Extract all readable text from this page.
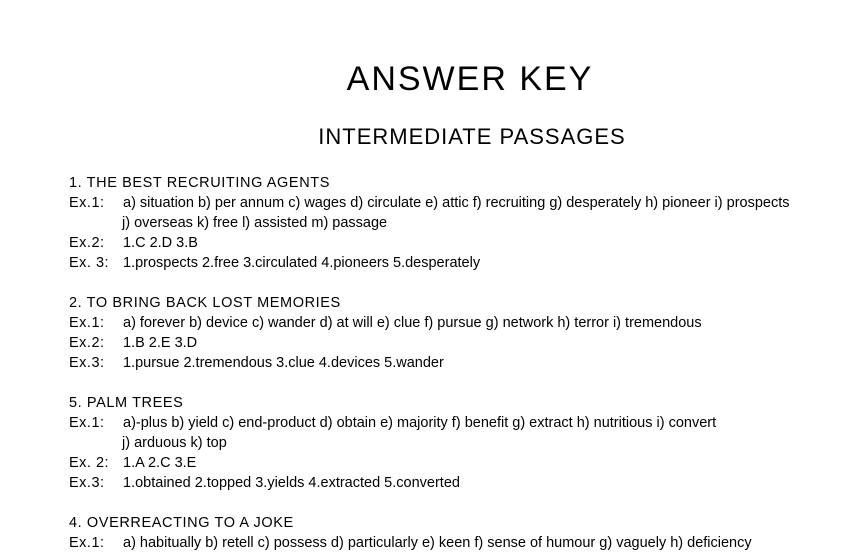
ANSWER KEY
INTERMEDIATE PASSAGES
1. THE BEST RECRUITING AGENTS
Ex.1: a) situation b) per annum c) wages d) circulate e) attic f) recruiting g) desperately h) pioneer i) prospects
j) overseas k) free l) assisted m) passage
Ex.2: 1.C 2.D 3.B
Ex. 3: 1.prospects 2.free 3.circulated 4.pioneers 5.desperately
2. TO BRING BACK LOST MEMORIES
Ex.1: a) forever b) device c) wander d) at will e) clue f) pursue g) network h) terror i) tremendous
Ex.2: 1.B 2.E 3.D
Ex.3: 1.pursue 2.tremendous 3.clue 4.devices 5.wander
5. PALM TREES
Ex.1: a)-plus b) yield c) end-product d) obtain e) majority f) benefit g) extract h) nutritious i) convert
j) arduous k) top
Ex. 2: 1.A 2.C 3.E
Ex.3: 1.obtained 2.topped 3.yields 4.extracted 5.converted
4. OVERREACTING TO A JOKE
Ex.1: a) habitually b) retell c) possess d) particularly e) keen f) sense of humour g) vaguely h) deficiency
